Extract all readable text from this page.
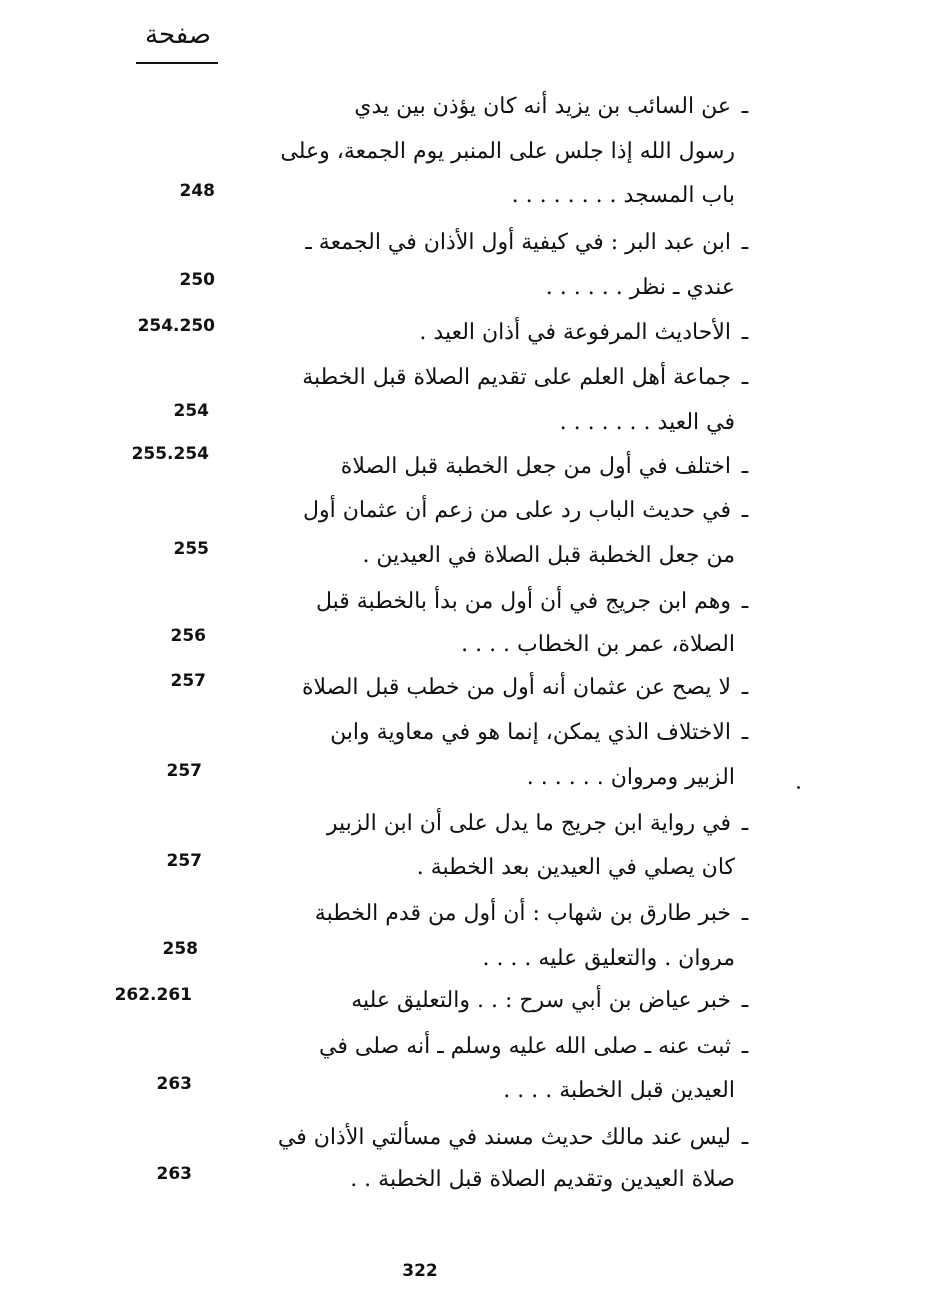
صفحة
ـعن السائب بن يزيد أنه كان يؤذن بين يدي
رسول الله إذا جلس على المنبر يوم الجمعة، وعلى
باب المسجد . . . . . . . .
ـابن عبد البر : في كيفية أول الأذان في الجمعة ـ
عندي ـ نظر . . . . . .
ـالأحاديث المرفوعة في أذان العيد .
ـجماعة أهل العلم على تقديم الصلاة قبل الخطبة
في العيد . . . . . . .
ـاختلف في أول من جعل الخطبة قبل الصلاة
ـفي حديث الباب رد على من زعم أن عثمان أول
من جعل الخطبة قبل الصلاة في العيدين .
ـوهم ابن جريج في أن أول من بدأ بالخطبة قبل
الصلاة، عمر بن الخطاب . . . .
ـلا يصح عن عثمان أنه أول من خطب قبل الصلاة
ـالاختلاف الذي يمكن، إنما هو في معاوية وابن
الزبير ومروان . . . . . .
ـفي رواية ابن جريج ما يدل على أن ابن الزبير
كان يصلي في العيدين بعد الخطبة .
ـخبر طارق بن شهاب : أن أول من قدم الخطبة
مروان . والتعليق عليه . . . .
ـخبر عياض بن أبي سرح : . . والتعليق عليه
ـثبت عنه ـ صلى الله عليه وسلم ـ أنه صلى في
العيدين قبل الخطبة . . . .
ـليس عند مالك حديث مسند في مسألتي الأذان في
صلاة العيدين وتقديم الصلاة قبل الخطبة . .
248
250
254.250
254
255.254
255
256
257
257
257
258
262.261
263
263
322
